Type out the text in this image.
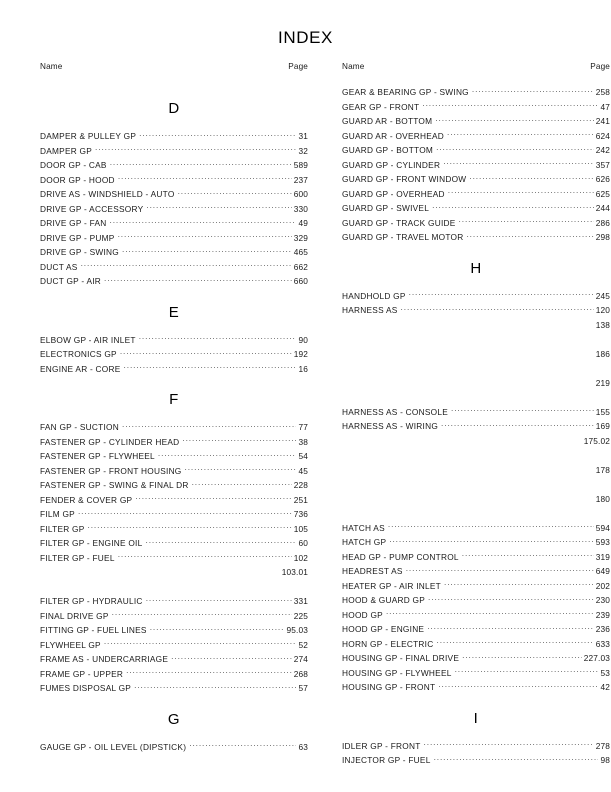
INDEX
Name	Page
D
DAMPER & PULLEY GP .....	31
DAMPER GP .....	32
DOOR GP - CAB .....	589
DOOR GP - HOOD .....	237
DRIVE AS - WINDSHIELD - AUTO .....	600
DRIVE GP - ACCESSORY .....	330
DRIVE GP - FAN .....	49
DRIVE GP - PUMP .....	329
DRIVE GP - SWING .....	465
DUCT AS .....	662
DUCT GP - AIR .....	660
E
ELBOW GP - AIR INLET .....	90
ELECTRONICS GP .....	192
ENGINE AR - CORE .....	16
F
FAN GP - SUCTION .....	77
FASTENER GP - CYLINDER HEAD .....	38
FASTENER GP - FLYWHEEL .....	54
FASTENER GP - FRONT HOUSING .....	45
FASTENER GP - SWING & FINAL DR .....	228
FENDER & COVER GP .....	251
FILM GP .....	736
FILTER GP .....	105
FILTER GP - ENGINE OIL .....	60
FILTER GP - FUEL .....	102
103.01
FILTER GP - HYDRAULIC .....	331
FINAL DRIVE GP .....	225
FITTING GP - FUEL LINES .....	95.03
FLYWHEEL GP .....	52
FRAME AS - UNDERCARRIAGE .....	274
FRAME GP - UPPER .....	268
FUMES DISPOSAL GP .....	57
G
GAUGE GP - OIL LEVEL (DIPSTICK) .....	63
Name	Page
GEAR & BEARING GP - SWING .....	258
GEAR GP - FRONT .....	47
GUARD AR - BOTTOM .....	241
GUARD AR - OVERHEAD .....	624
GUARD GP - BOTTOM .....	242
GUARD GP - CYLINDER .....	357
GUARD GP - FRONT WINDOW .....	626
GUARD GP - OVERHEAD .....	625
GUARD GP - SWIVEL .....	244
GUARD GP - TRACK GUIDE .....	286
GUARD GP - TRAVEL MOTOR .....	298
H
HANDHOLD GP .....	245
HARNESS AS .....	120
138
186
219
HARNESS AS - CONSOLE .....	155
HARNESS AS - WIRING .....	169
175.02
178
180
HATCH AS .....	594
HATCH GP .....	593
HEAD GP - PUMP CONTROL .....	319
HEADREST AS .....	649
HEATER GP - AIR INLET .....	202
HOOD & GUARD GP .....	230
HOOD GP .....	239
HOOD GP - ENGINE .....	236
HORN GP - ELECTRIC .....	633
HOUSING GP - FINAL DRIVE .....	227.03
HOUSING GP - FLYWHEEL .....	53
HOUSING GP - FRONT .....	42
I
IDLER GP - FRONT .....	278
INJECTOR GP - FUEL .....	98
